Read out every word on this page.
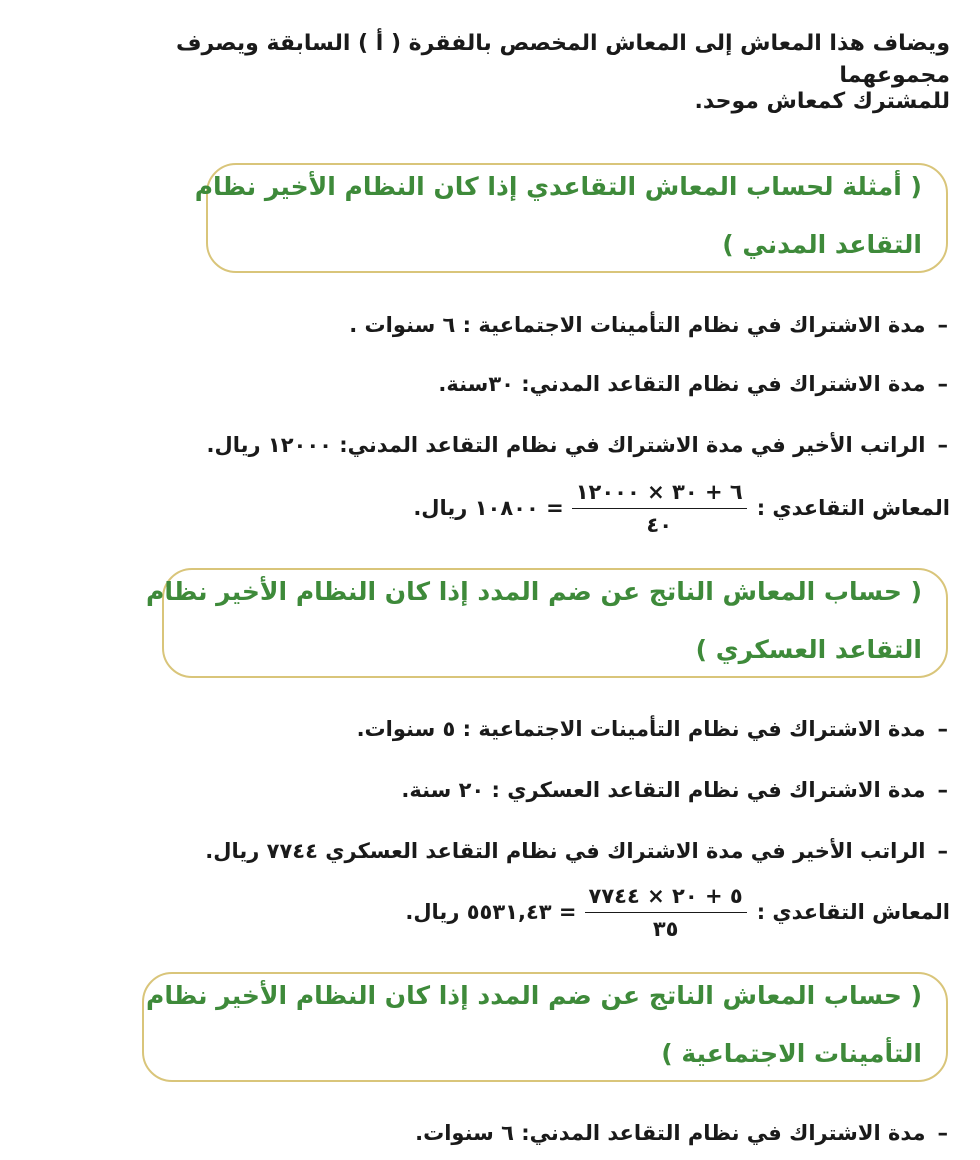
ويضاف هذا المعاش إلى المعاش المخصص بالفقرة ( أ ) السابقة ويصرف مجموعهما
للمشترك كمعاش موحد.
( أمثلة لحساب المعاش التقاعدي إذا كان النظام الأخير نظام
التقاعد المدني )
–مدة الاشتراك في نظام التأمينات الاجتماعية : ٦ سنوات .
–مدة الاشتراك في نظام التقاعد المدني: ٣٠سنة.
–الراتب الأخير في مدة الاشتراك في نظام التقاعد المدني: ١٢٠٠٠ ريال.
المعاش التقاعدي :
$\frac{٦ + ٣٠ \times ١٢٠٠٠}{٤٠}$
= ١٠٨٠٠ ريال.
( حساب المعاش الناتج عن ضم المدد إذا كان النظام الأخير نظام
التقاعد العسكري )
–مدة الاشتراك في نظام التأمينات الاجتماعية : ٥ سنوات.
–مدة الاشتراك في نظام التقاعد العسكري : ٢٠ سنة.
–الراتب الأخير في مدة الاشتراك في نظام التقاعد العسكري ٧٧٤٤ ريال.
المعاش التقاعدي :
$\frac{٥ + ٢٠ \times ٧٧٤٤}{٣٥}$
= ٥٥٣١,٤٣ ريال.
( حساب المعاش الناتج عن ضم المدد إذا كان النظام الأخير نظام
التأمينات الاجتماعية )
–مدة الاشتراك في نظام التقاعد المدني: ٦ سنوات.
